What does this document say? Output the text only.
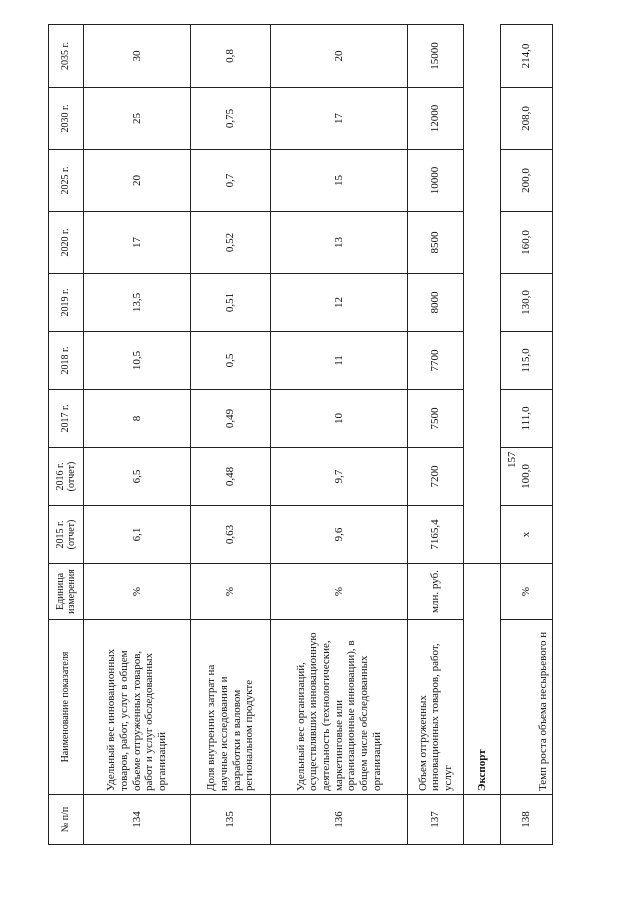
№ п/п	Наименование показателя	Единица измерения	2015 г. (отчет)	2016 г. (отчет)	2017 г.	2018 г.	2019 г.	2020 г.	2025 г.	2030 г.	2035 г.
134	Удельный вес инновационных товаров, работ, услуг в общем объеме отгруженных товаров, работ и услуг обследованных организаций	%	6,1	6,5	8	10,5	13,5	17	20	25	30
135	Доля внутренних затрат на научные исследования и разработки в валовом региональном продукте	%	0,63	0,48	0,49	0,5	0,51	0,52	0,7	0,75	0,8
136	Удельный вес организаций, осуществлявших инновационную деятельность (технологические, маркетинговые или организационные инновации), в общем числе обследованных организаций	%	9,6	9,7	10	11	12	13	15	17	20
137	Объем отгруженных инновационных товаров, работ, услуг	млн. руб.	7165,4	7200	7500	7700	8000	8500	10000	12000	15000
	Экспорт										
138	Темп роста объема несырьевого н	%	х	100,0	111,0	115,0	130,0	160,0	200,0	208,0	214,0
157
